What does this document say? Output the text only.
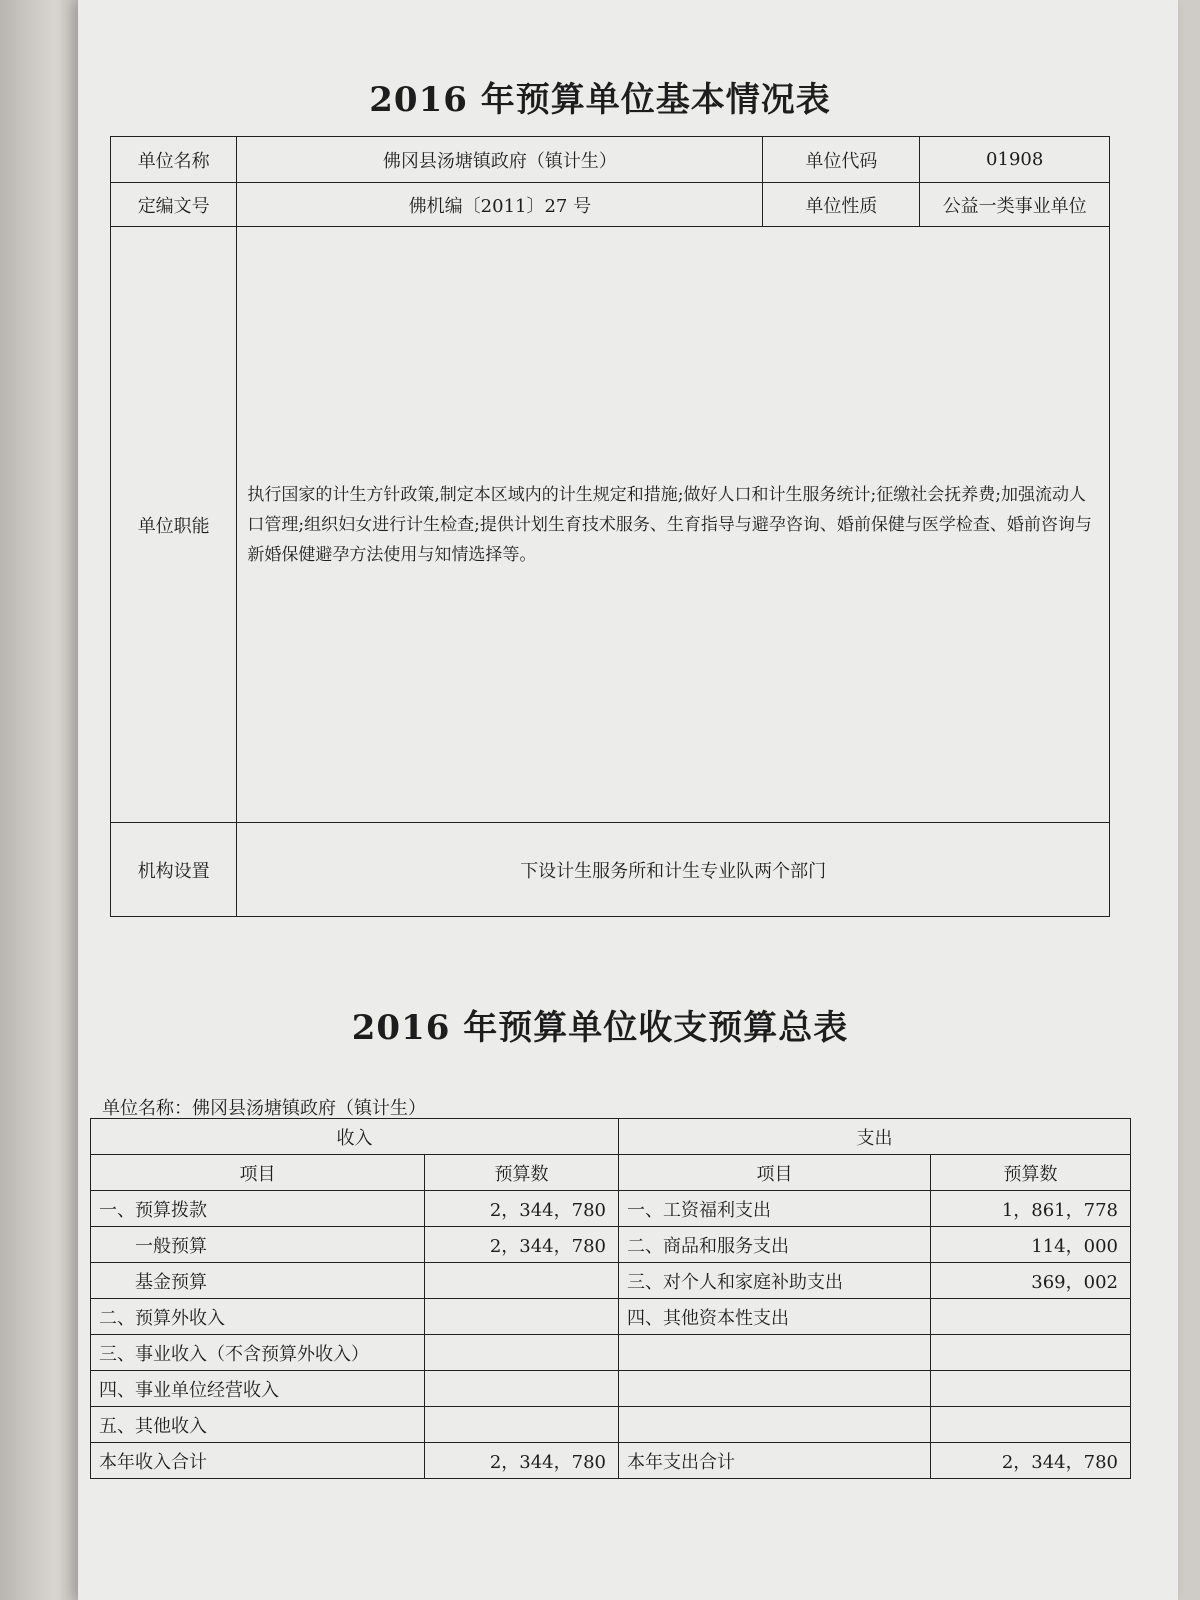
2016 年预算单位基本情况表
单位名称	佛冈县汤塘镇政府（镇计生）	单位代码	01908
定编文号	佛机编〔2011〕27 号	单位性质	公益一类事业单位
单位职能	执行国家的计生方针政策,制定本区域内的计生规定和措施;做好人口和计生服务统计;征缴社会抚养费;加强流动人口管理;组织妇女进行计生检查;提供计划生育技术服务、生育指导与避孕咨询、婚前保健与医学检查、婚前咨询与新婚保健避孕方法使用与知情选择等。		
机构设置	下设计生服务所和计生专业队两个部门		
2016 年预算单位收支预算总表
单位名称：佛冈县汤塘镇政府（镇计生）
收入		支出	
项目	预算数	项目	预算数
一、预算拨款	2，344，780	一、工资福利支出	1，861，778
一般预算	2，344，780	二、商品和服务支出	114，000
基金预算		三、对个人和家庭补助支出	369，002
二、预算外收入		四、其他资本性支出	
三、事业收入（不含预算外收入）			
四、事业单位经营收入			
五、其他收入			
本年收入合计	2，344，780	本年支出合计	2，344，780
